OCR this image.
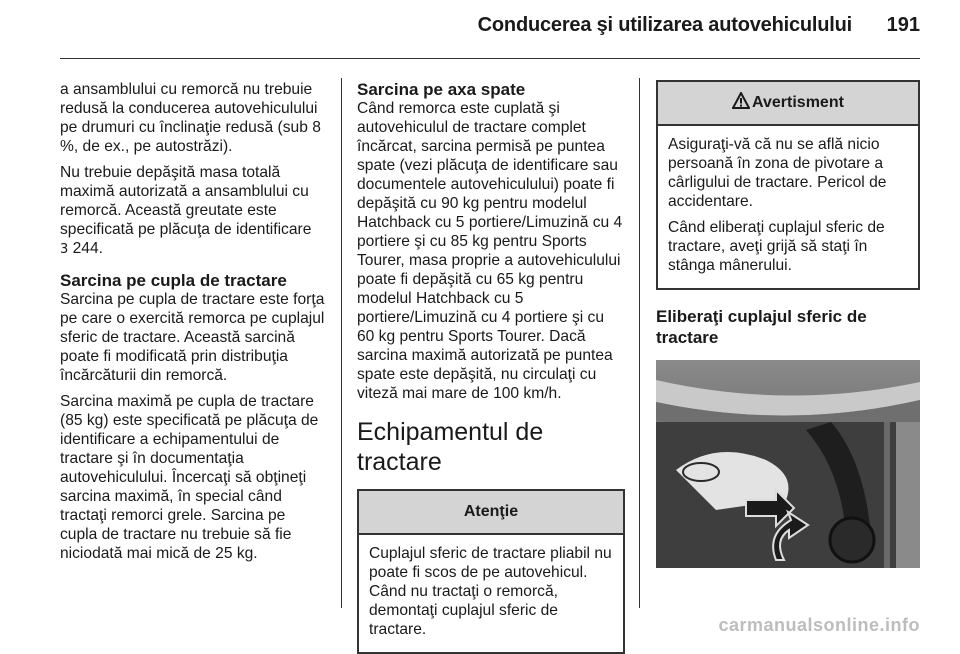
Conducerea şi utilizarea autovehiculului 191

a ansamblului cu remorcă nu trebuie redusă la conducerea autovehiculului pe drumuri cu înclinaţie redusă (sub 8 %, de ex., pe autostrăzi).

Nu trebuie depăşită masa totală maximă autorizată a ansamblului cu remorcă. Această greutate este specificată pe plăcuţa de identificare
3 244.

Sarcina pe cupla de tractare

Sarcina pe cupla de tractare este forţa pe care o exercită remorca pe cuplajul sferic de tractare. Această sarcină poate fi modificată prin distribuţia încărcăturii din remorcă.

Sarcina maximă pe cupla de tractare (85 kg) este specificată pe plăcuţa de identificare a echipamentului de tractare şi în documentaţia autovehiculului. Încercaţi să obţineţi sarcina maximă, în special când tractaţi remorci grele. Sarcina pe cupla de tractare nu trebuie să fie niciodată mai mică de 25 kg.

Sarcina pe axa spate

Când remorca este cuplată şi autovehiculul de tractare complet încărcat, sarcina permisă pe puntea spate (vezi plăcuţa de identificare sau documentele autovehiculului) poate fi depăşită cu 90 kg pentru modelul Hatchback cu 5 portiere/Limuzină cu 4 portiere şi cu 85 kg pentru Sports Tourer, masa proprie a autovehiculului poate fi depăşită cu 65 kg pentru modelul Hatchback cu 5 portiere/Limuzină cu 4 portiere şi cu 60 kg pentru Sports Tourer. Dacă sarcina maximă autorizată pe puntea spate este depăşită, nu circulaţi cu viteză mai mare de 100 km/h.

Echipamentul de tractare
Atenţie

Cuplajul sferic de tractare pliabil nu poate fi scos de pe autovehicul. Când nu tractaţi o remorcă, demontaţi cuplajul sferic de tractare.

Avertisment

Asiguraţi-vă că nu se află nicio persoană în zona de pivotare a cârligului de tractare. Pericol de accidentare.

Când eliberaţi cuplajul sferic de tractare, aveţi grijă să staţi în stânga mânerului.

Eliberaţi cuplajul sferic de tractare
carmanualsonline.info
